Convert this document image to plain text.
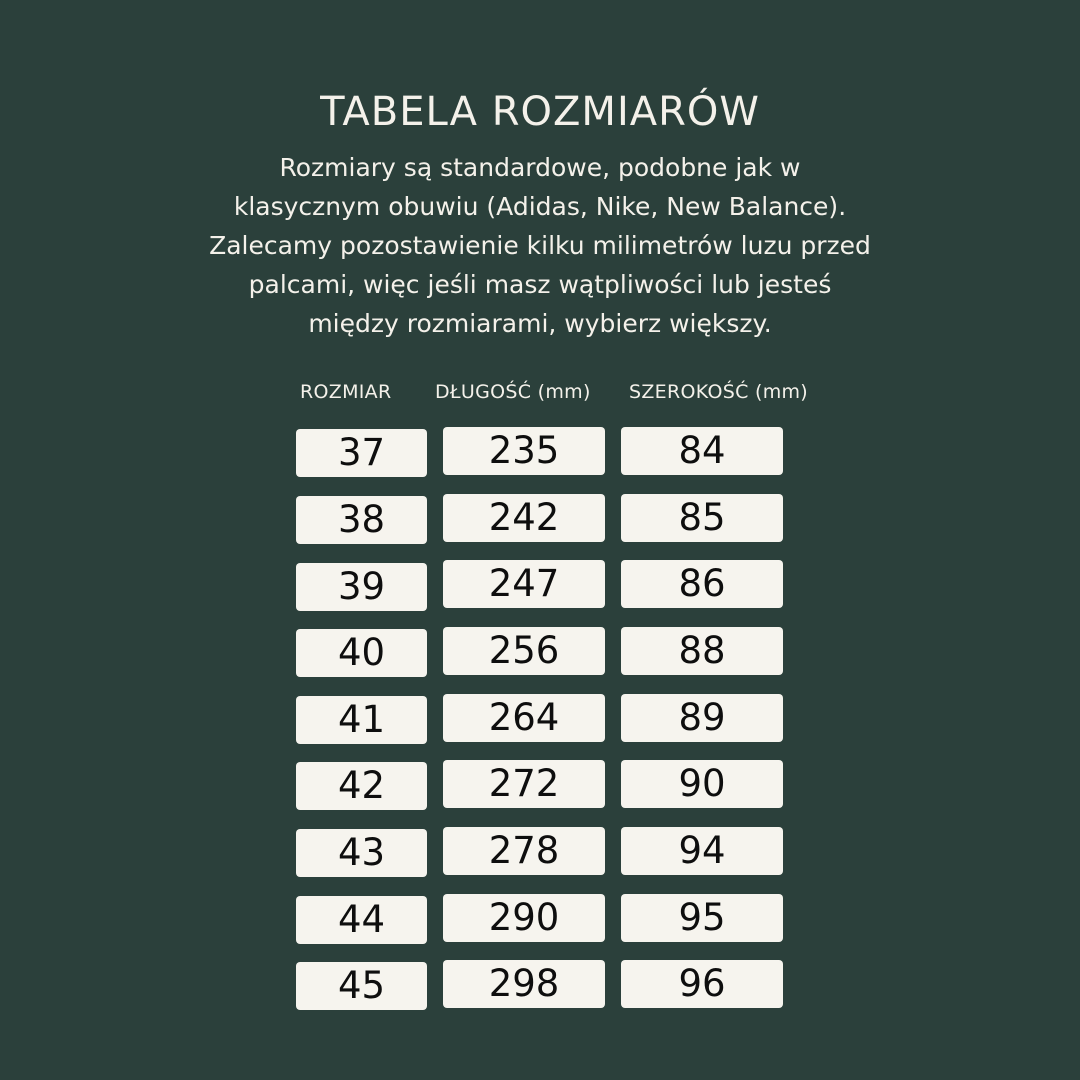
TABELA ROZMIARÓW
Rozmiary są standardowe, podobne jak w
klasycznym obuwiu (Adidas, Nike, New Balance).
Zalecamy pozostawienie kilku milimetrów luzu przed
palcami, więc jeśli masz wątpliwości lub jesteś
między rozmiarami, wybierz większy.
ROZMIAR DŁUGOŚĆ (mm) SZEROKOŚĆ (mm)
37	235	84
38	242	85
39	247	86
40	256	88
41	264	89
42	272	90
43	278	94
44	290	95
45	298	96
